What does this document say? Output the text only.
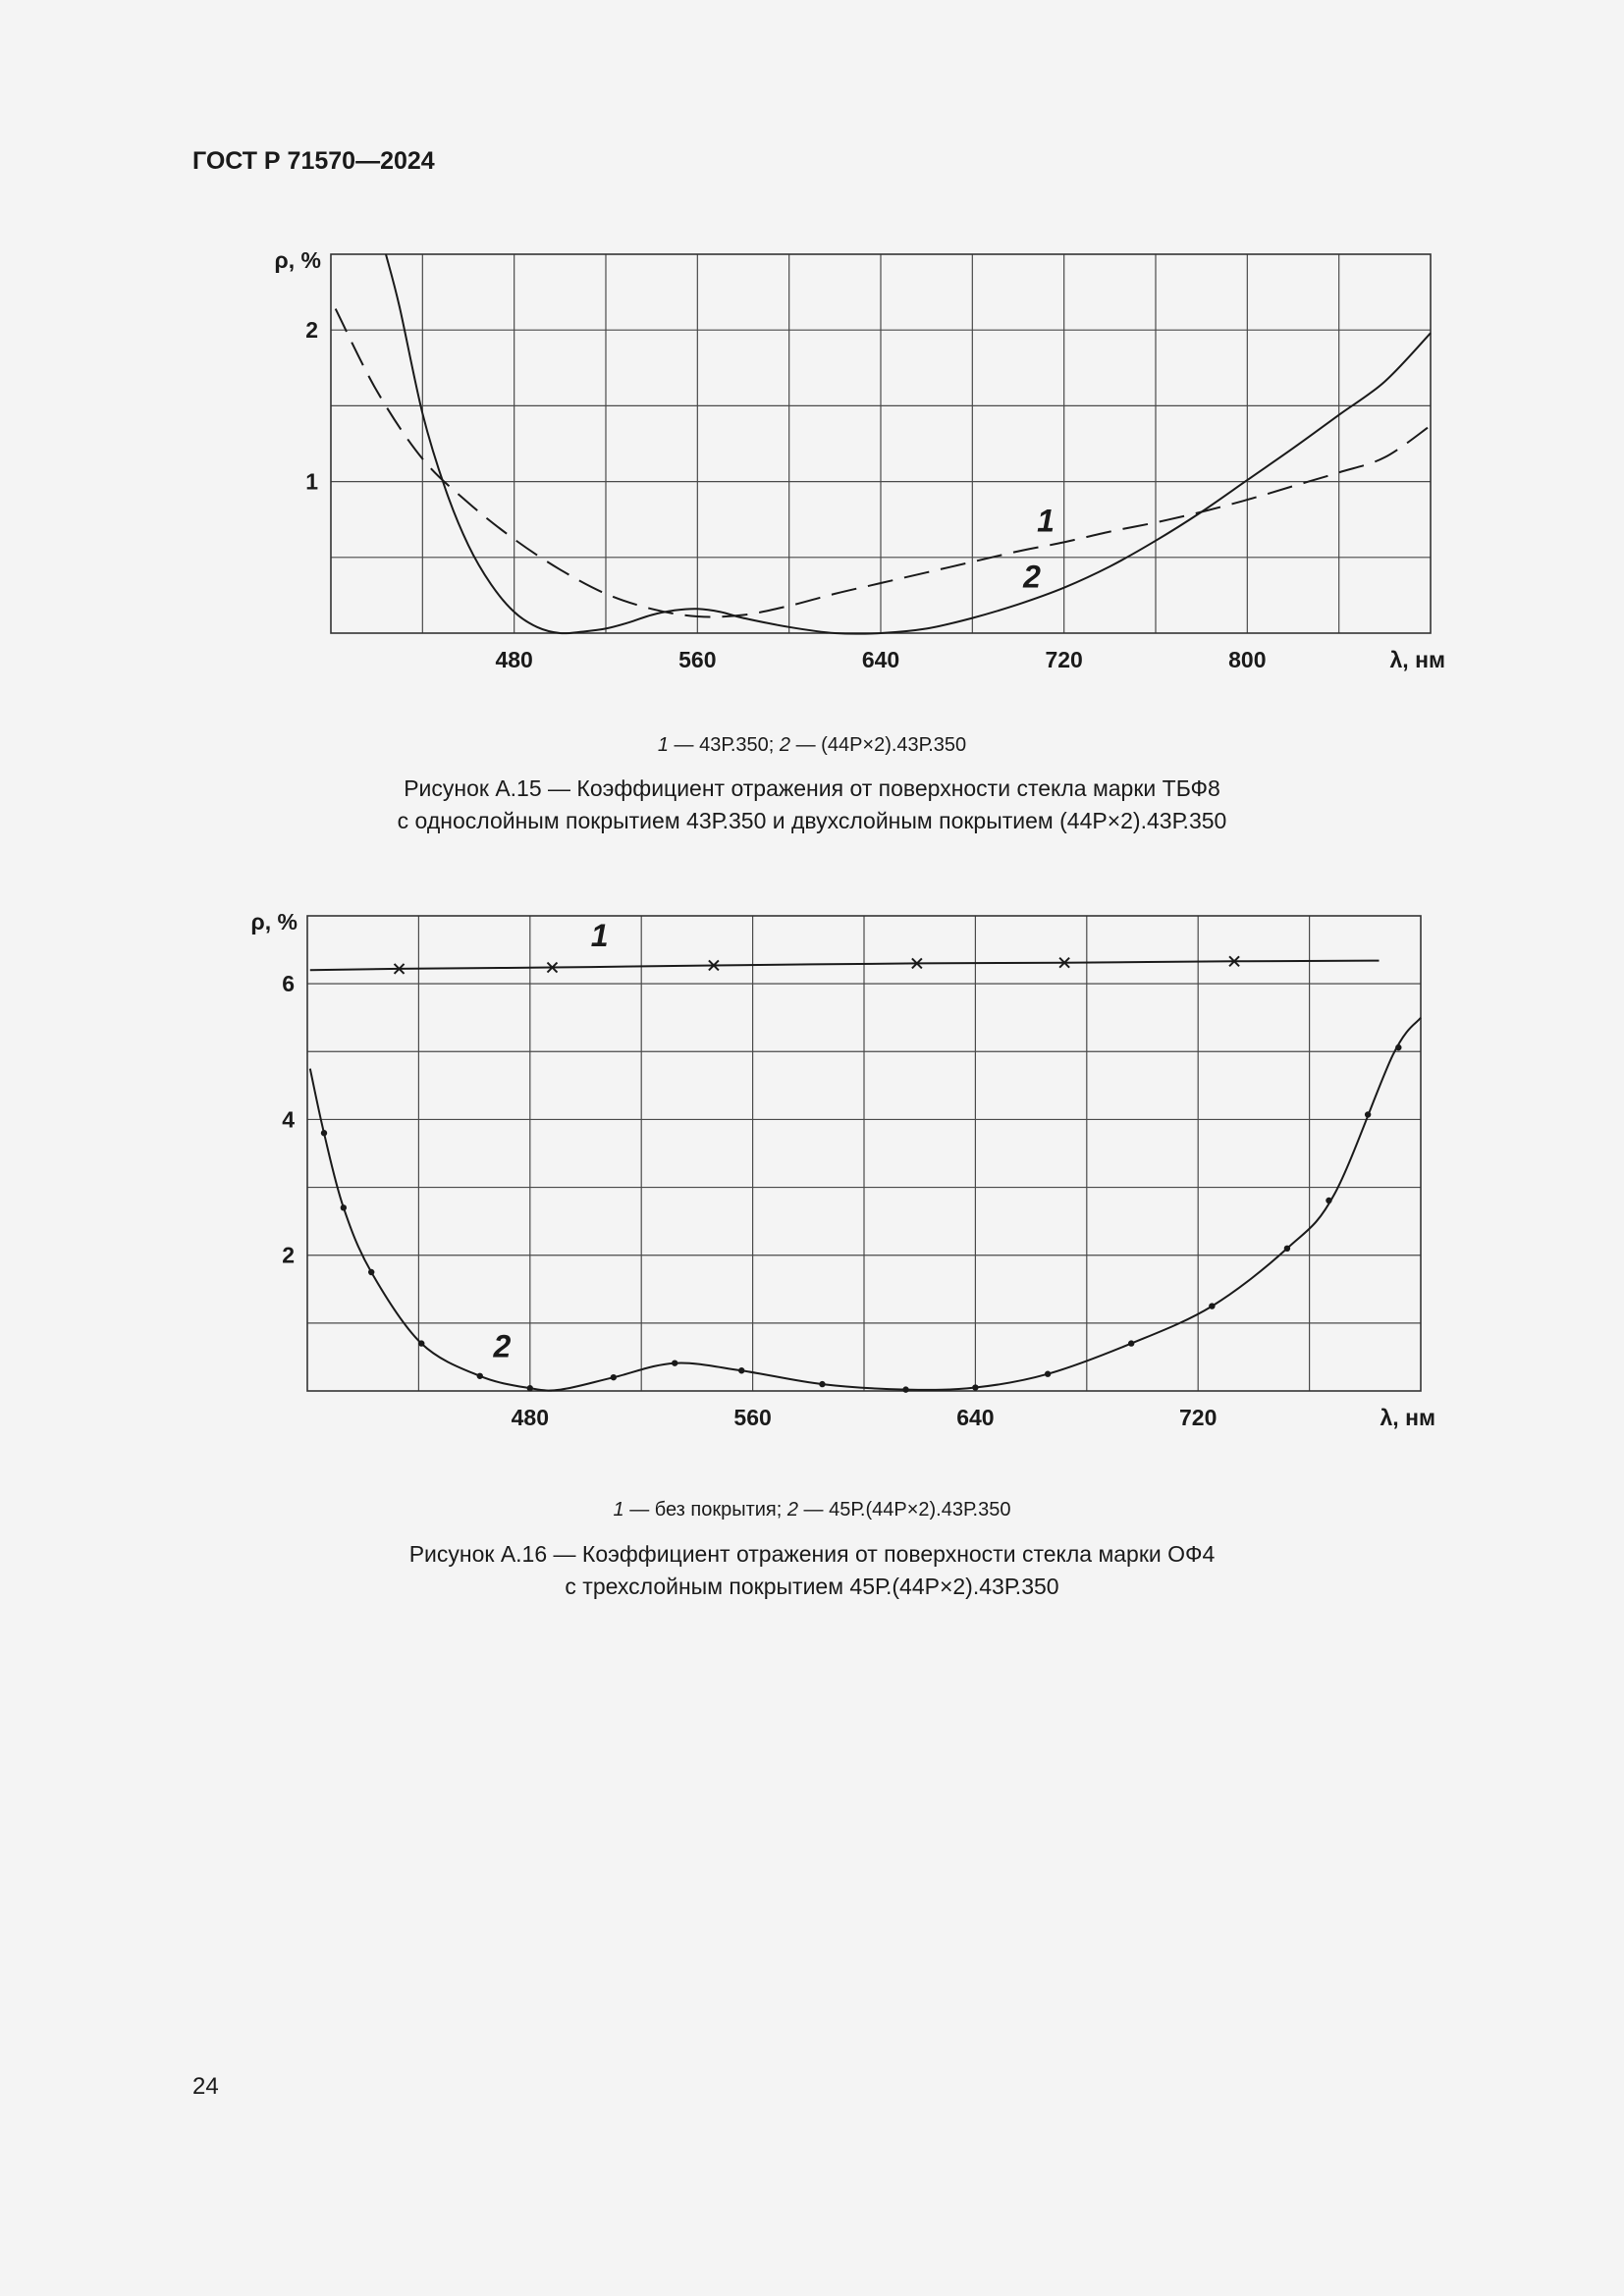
ГОСТ Р 71570—2024
480	560	640	720	800
1
2
λ, нм
ρ, %
1
2
1 — 43Р.350; 2 — (44Р×2).43Р.350
Рисунок А.15 — Коэффициент отражения от поверхности стекла марки ТБФ8
с однослойным покрытием 43Р.350 и двухслойным покрытием (44Р×2).43Р.350
480	560	640	720
2
4
6
λ, нм
ρ, %	1
2
1 — без покрытия; 2 — 45Р.(44Р×2).43Р.350
Рисунок А.16 — Коэффициент отражения от поверхности стекла марки ОФ4
с трехслойным покрытием 45Р.(44Р×2).43Р.350
24
